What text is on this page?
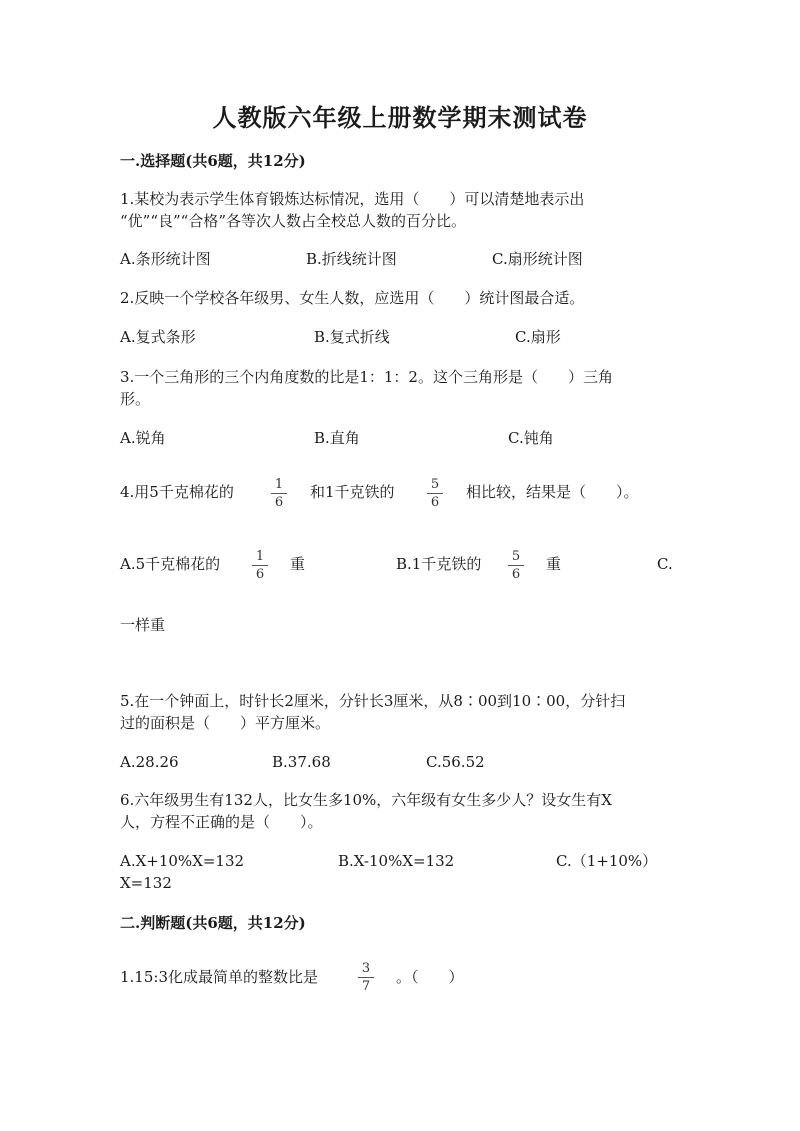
人教版六年级上册数学期末测试卷
一.选择题(共6题，共12分)
1.某校为表示学生体育锻炼达标情况，选用（　　）可以清楚地表示出
“优”“良”“合格”各等次人数占全校总人数的百分比。
A.条形统计图	B.折线统计图	C.扇形统计图
2.反映一个学校各年级男、女生人数，应选用（　　）统计图最合适。
A.复式条形	B.复式折线	C.扇形
3.一个三角形的三个内角度数的比是1：1：2。这个三角形是（　　）三角
形。
A.锐角	B.直角	C.钝角
4.用5千克棉花的	1
6
和1千克铁的	5
6
相比较，结果是（　　）。
A.5千克棉花的	1
6
重	B.1千克铁的	5
6
重	C.
一样重
5.在一个钟面上，时针长2厘米，分针长3厘米，从8∶00到10∶00，分针扫
过的面积是（　　）平方厘米。
A.28.26	B.37.68	C.56.52
6.六年级男生有132人，比女生多10%，六年级有女生多少人？设女生有X
人，方程不正确的是（　　）。
A.X+10%X=132	B.X-10%X=132	C.（1+10%）
X=132
二.判断题(共6题，共12分)
1.15:3化成最简单的整数比是	3
7
。（　　）
